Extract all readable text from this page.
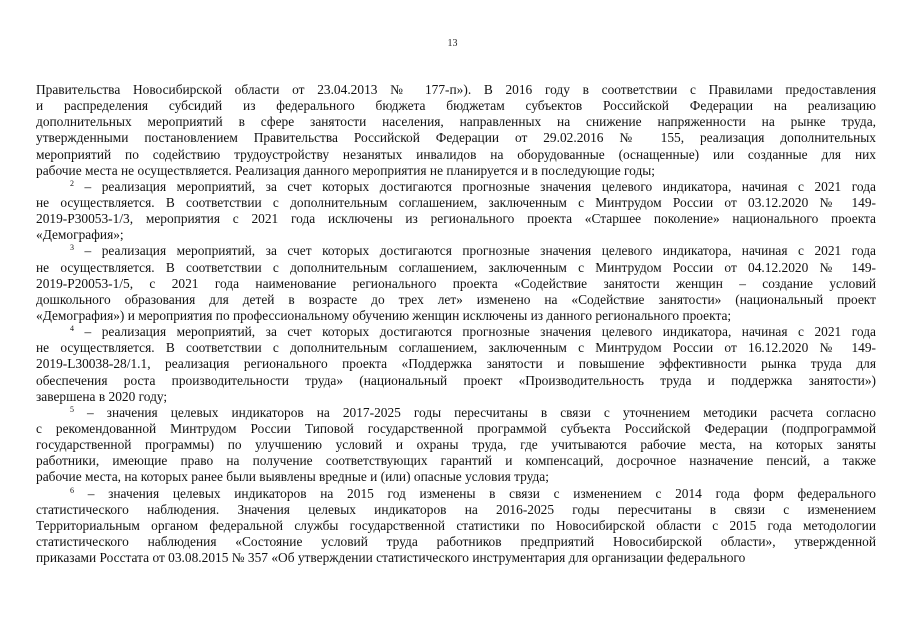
13
Правительства Новосибирской области от 23.04.2013 № 177-п»). В 2016 году в соответствии с Правилами предоставления
и распределения субсидий из федерального бюджета бюджетам субъектов Российской Федерации на реализацию
дополнительных мероприятий в сфере занятости населения, направленных на снижение напряженности на рынке труда,
утвержденными постановлением Правительства Российской Федерации от 29.02.2016 № 155, реализация дополнительных
мероприятий по содействию трудоустройству незанятых инвалидов на оборудованные (оснащенные) или созданные для них
рабочие места не осуществляется. Реализация данного мероприятия не планируется и в последующие годы;
$^2$ – реализация мероприятий, за счет которых достигаются прогнозные значения целевого индикатора, начиная с 2021 года
не осуществляется. В соответствии с дополнительным соглашением, заключенным с Минтрудом России от 03.12.2020 № 149-
2019-Р30053-1/3, мероприятия с 2021 года исключены из регионального проекта «Старшее поколение» национального проекта
«Демография»;
$^3$ – реализация мероприятий, за счет которых достигаются прогнозные значения целевого индикатора, начиная с 2021 года
не осуществляется. В соответствии с дополнительным соглашением, заключенным с Минтрудом России от 04.12.2020 № 149-
2019-Р20053-1/5, с 2021 года наименование регионального проекта «Содействие занятости женщин – создание условий
дошкольного образования для детей в возрасте до трех лет» изменено на «Содействие занятости» (национальный проект
«Демография») и мероприятия по профессиональному обучению женщин исключены из данного регионального проекта;
$^4$ – реализация мероприятий, за счет которых достигаются прогнозные значения целевого индикатора, начиная с 2021 года
не осуществляется. В соответствии с дополнительным соглашением, заключенным с Минтрудом России от 16.12.2020 № 149-
2019-L30038-28/1.1, реализация регионального проекта «Поддержка занятости и повышение эффективности рынка труда для
обеспечения роста производительности труда» (национальный проект «Производительность труда и поддержка занятости»)
завершена в 2020 году;
$^5$ – значения целевых индикаторов на 2017-2025 годы пересчитаны в связи с уточнением методики расчета согласно
с рекомендованной Минтрудом России Типовой государственной программой субъекта Российской Федерации (подпрограммой
государственной программы) по улучшению условий и охраны труда, где учитываются рабочие места, на которых заняты
работники, имеющие право на получение соответствующих гарантий и компенсаций, досрочное назначение пенсий, а также
рабочие места, на которых ранее были выявлены вредные и (или) опасные условия труда;
$^6$ – значения целевых индикаторов на 2015 год изменены в связи с изменением с 2014 года форм федерального
статистического наблюдения. Значения целевых индикаторов на 2016-2025 годы пересчитаны в связи с изменением
Территориальным органом федеральной службы государственной статистики по Новосибирской области с 2015 года методологии
статистического наблюдения «Состояние условий труда работников предприятий Новосибирской области», утвержденной
приказами Росстата от 03.08.2015 № 357 «Об утверждении статистического инструментария для организации федерального
